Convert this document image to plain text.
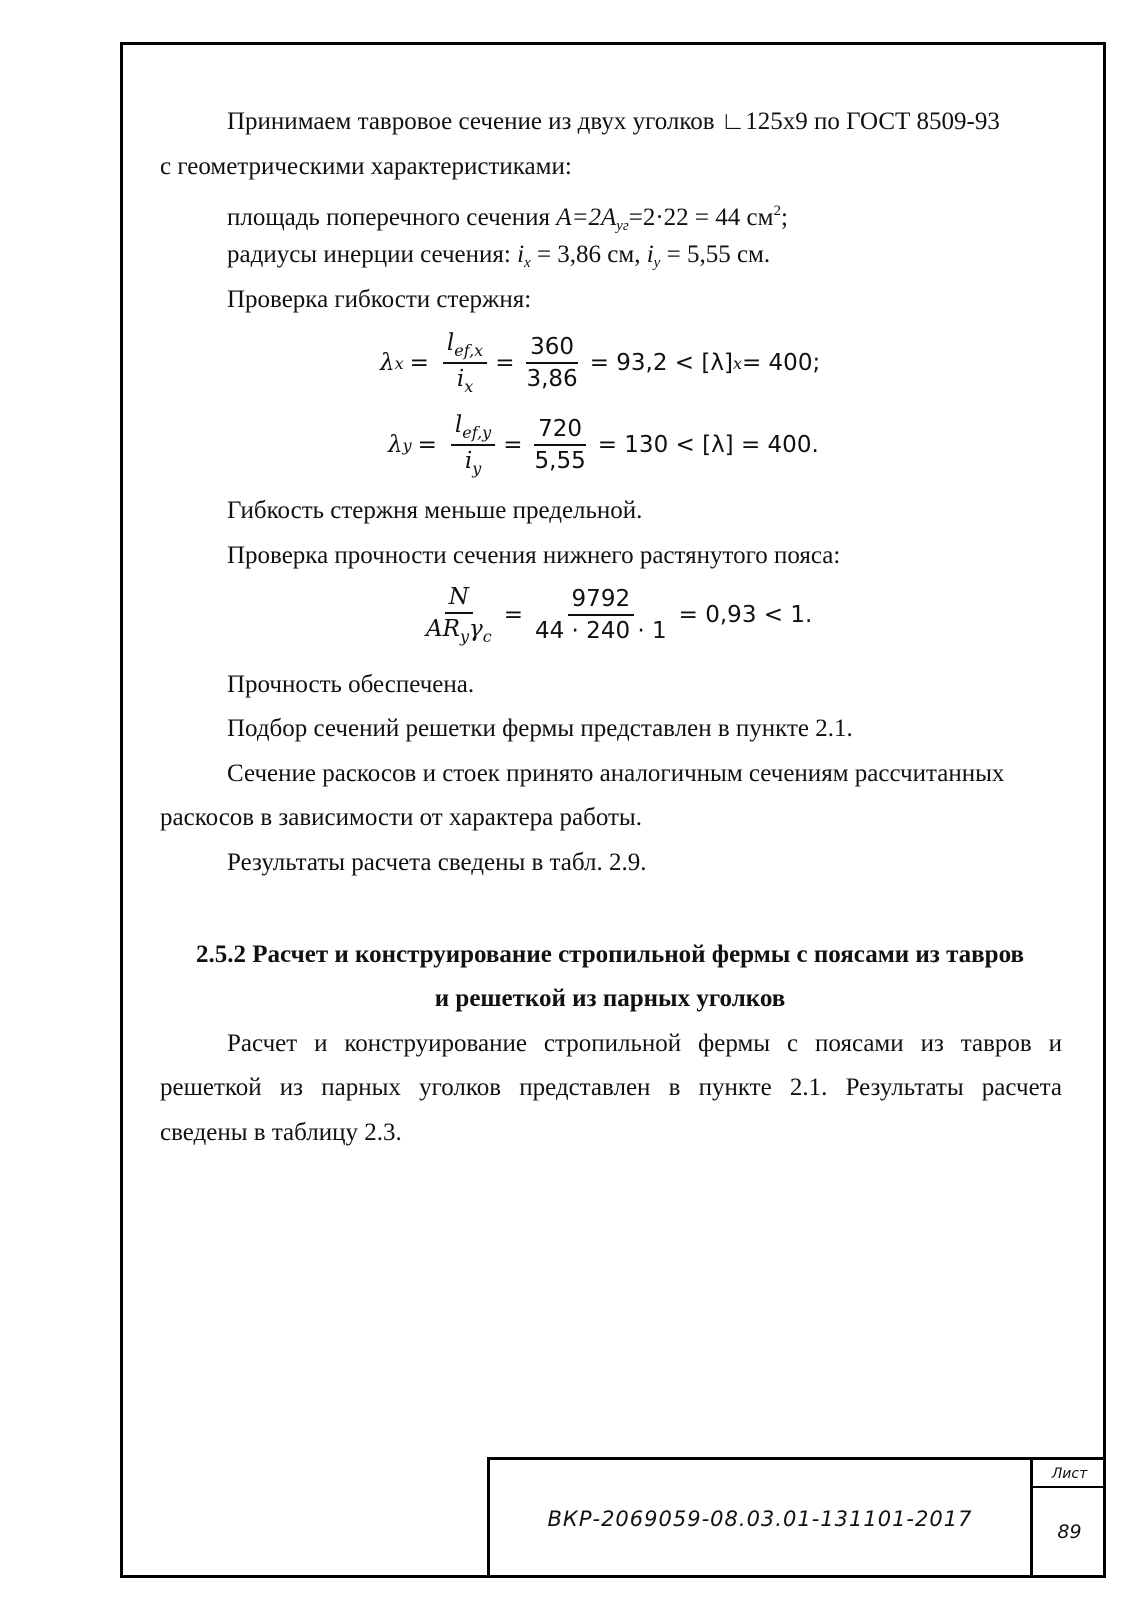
Принимаем тавровое сечение из двух уголков ∟125х9 по ГОСТ 8509-93
с геометрическими характеристиками:
площадь поперечного сечения $A=2A_{уг}=2\cdot 22 = 44$ $см^2$;
радиусы инерции сечения: $i_x = 3,86$ см, $i_y = 5,55$ см.
Проверка гибкости стержня:
λ $x = \frac{l_{ef,x}}{i_x} = \frac{360}{3,86} = 93,2 < [\lambda] x = 400$;
λ $y = \frac{l_{ef,y}}{i_y} = \frac{720}{5,55} = 130 < [\lambda] = 400$.
Гибкость стержня меньше предельной.
Проверка прочности сечения нижнего растянутого пояса:
$\frac{N}{AR_y\gamma_c} = \frac{9792}{44 \cdot 240 \cdot 1} = 0,93 < 1$.
Прочность обеспечена.
Подбор сечений решетки фермы представлен в пункте 2.1.
Сечение раскосов и стоек принято аналогичным сечениям рассчитанных
раскосов в зависимости от характера работы.
Результаты расчета сведены в табл. 2.9.
2.5.2 Расчет и конструирование стропильной фермы с поясами из тавров
и решеткой из парных уголков
Расчет и конструирование стропильной фермы с поясами из тавров и
решеткой из парных уголков представлен в пункте 2.1. Результаты расчета
сведены в таблицу 2.3.
ВКР-2069059-08.03.01-131101-2017
Лист
89
